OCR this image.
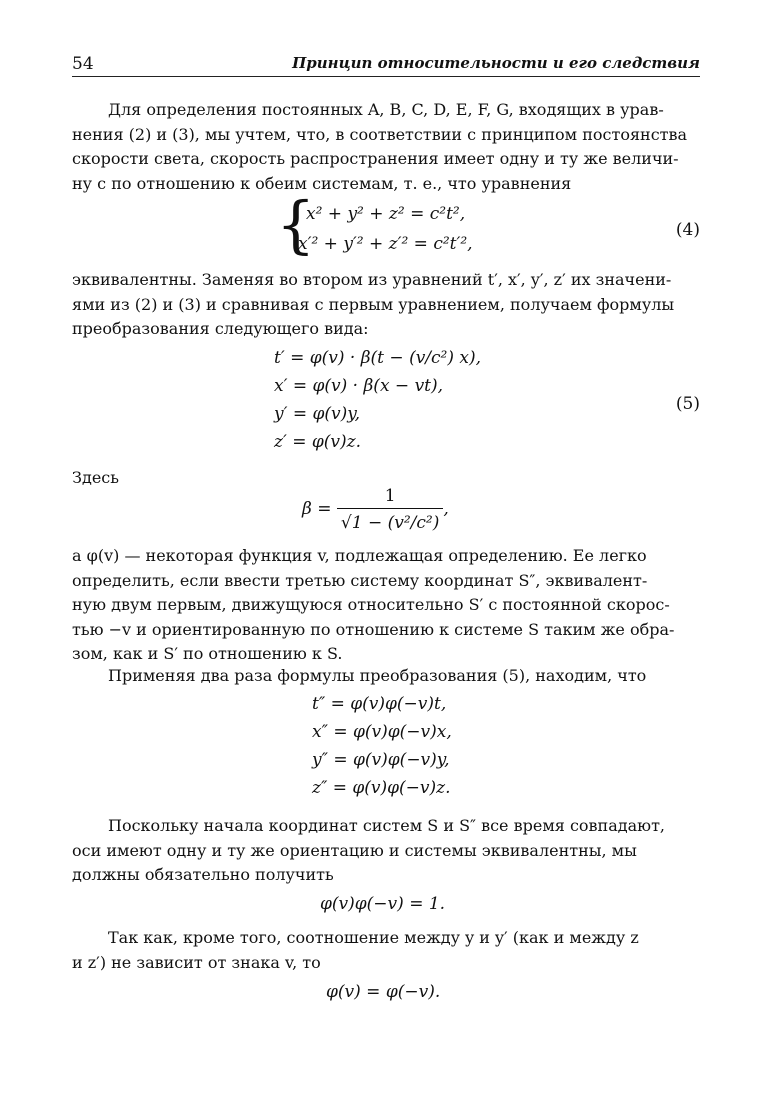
54	Принцип относительности и его следствия
Для определения постоянных A, B, C, D, E, F, G, входящих в урав-
нения (2) и (3), мы учтем, что, в соответствии с принципом постоянства
скорости света, скорость распространения имеет одну и ту же величи-
ну c по отношению к обеим системам, т. е., что уравнения
{
x² + y² + z² = c²t²,
x′² + y′² + z′² = c²t′²,
(4)
эквивалентны. Заменяя во втором из уравнений t′, x′, y′, z′ их значени-
ями из (2) и (3) и сравнивая с первым уравнением, получаем формулы
преобразования следующего вида:
t′ = φ(v) · β(t − (v/c²) x),
x′ = φ(v) · β(x − vt),
y′ = φ(v)y,
z′ = φ(v)z.
(5)
Здесь
$\beta = \frac{1}{\text{√1 − (v²/c²)}}$ ,
a φ(v) — некоторая функция v, подлежащая определению. Ее легко
определить, если ввести третью систему координат S″, эквивалент-
ную двум первым, движущуюся относительно S′ с постоянной скорос-
тью −v и ориентированную по отношению к системе S таким же обра-
зом, как и S′ по отношению к S.
Применяя два раза формулы преобразования (5), находим, что
t″ = φ(v)φ(−v)t,
x″ = φ(v)φ(−v)x,
y″ = φ(v)φ(−v)y,
z″ = φ(v)φ(−v)z.
Поскольку начала координат систем S и S″ все время совпадают,
оси имеют одну и ту же ориентацию и системы эквивалентны, мы
должны обязательно получить
φ(v)φ(−v) = 1.
Так как, кроме того, соотношение между y и y′ (как и между z
и z′) не зависит от знака v, то
φ(v) = φ(−v).
